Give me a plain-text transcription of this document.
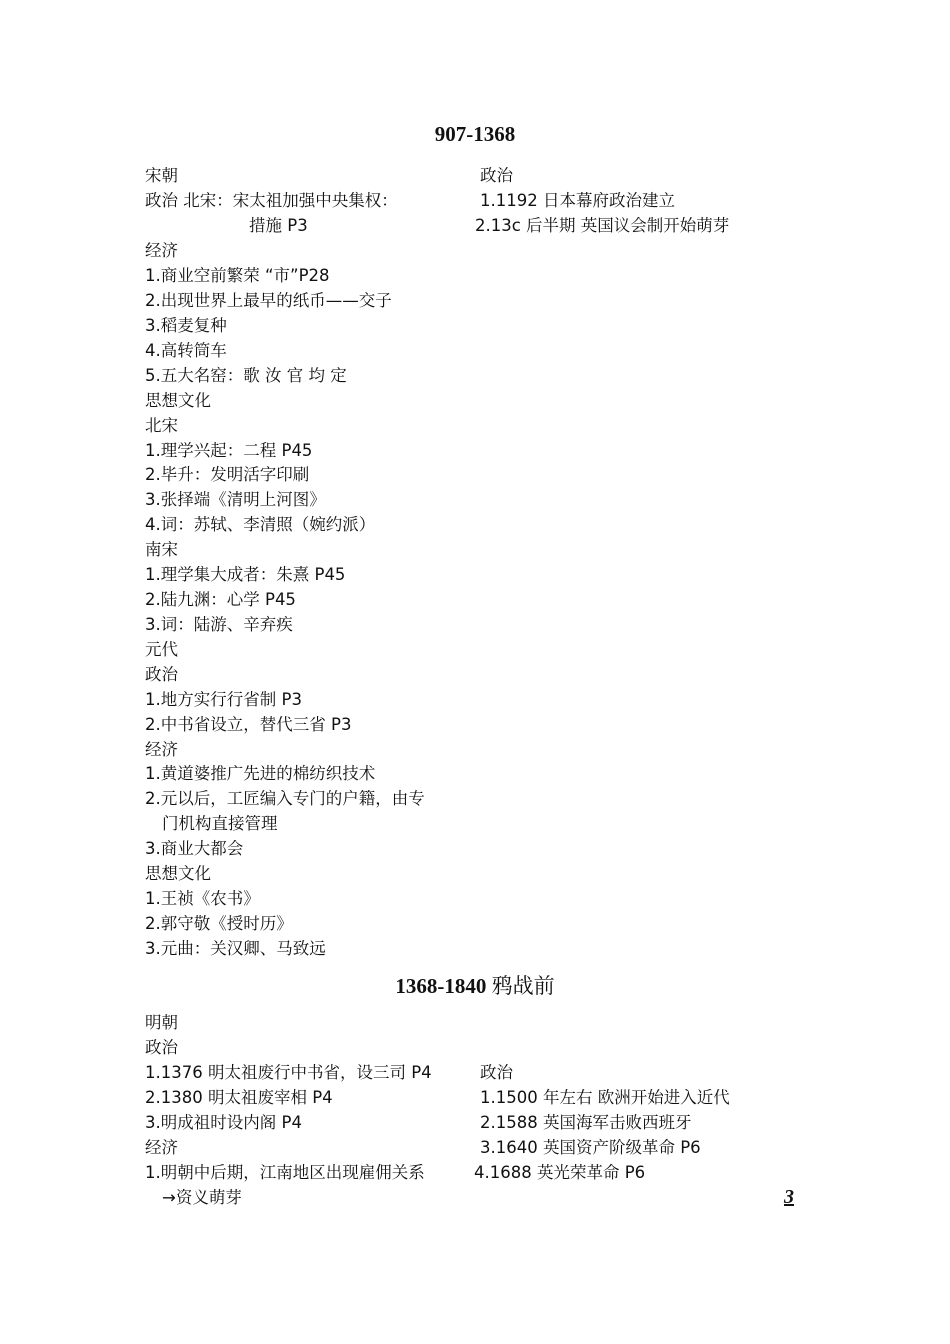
907-1368
宋朝
政治 北宋：宋太祖加强中央集权：
措施 P3
经济
1.商业空前繁荣 “市”P28
2.出现世界上最早的纸币——交子
3.稻麦复种
4.高转筒车
5.五大名窑：歌 汝 官 均 定
思想文化
北宋
1.理学兴起：二程 P45
2.毕升：发明活字印刷
3.张择端《清明上河图》
4.词：苏轼、李清照（婉约派）
南宋
1.理学集大成者：朱熹 P45
2.陆九渊：心学 P45
3.词：陆游、辛弃疾
元代
政治
1.地方实行行省制 P3
2.中书省设立，替代三省 P3
经济
1.黄道婆推广先进的棉纺织技术
2.元以后，工匠编入专门的户籍，由专
门机构直接管理
3.商业大都会
思想文化
1.王祯《农书》
2.郭守敬《授时历》
3.元曲：关汉卿、马致远
政治
1.1192 日本幕府政治建立
2.13c 后半期 英国议会制开始萌芽
1368-1840 鸦战前
明朝
政治
1.1376 明太祖废行中书省，设三司 P4
2.1380 明太祖废宰相 P4
3.明成祖时设内阁 P4
经济
1.明朝中后期，江南地区出现雇佣关系
→资义萌芽
政治
1.1500 年左右 欧洲开始进入近代
2.1588 英国海军击败西班牙
3.1640 英国资产阶级革命 P6
4.1688 英光荣革命 P6
3
